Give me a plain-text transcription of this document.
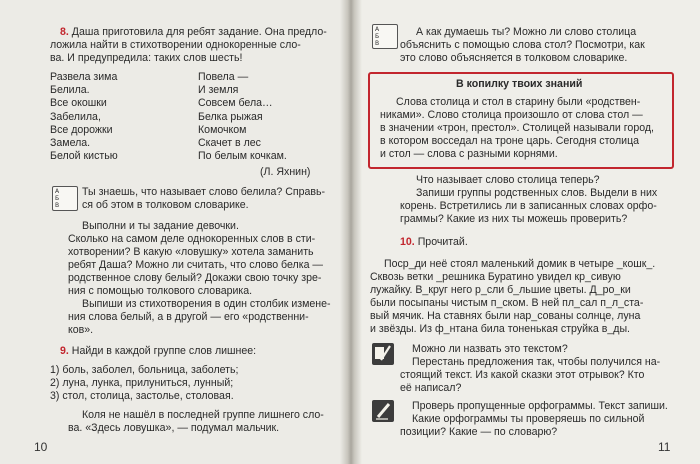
8. Даша приготовила для ребят задание. Она предло-
ложила найти в стихотворении однокоренные сло-
ва. И предупредила: таких слов шесть!
Развела зима
Белила.
Все окошки
Забелила,
Все дорожки
Замела.
Белой кистью
Повела —
И земля
Совсем бела…
Белка рыжая
Комочком
Скачет в лес
По белым кочкам.
(Л. Яхнин)
А
Б
В
Ты знаешь, что называет слово белила? Справь-
ся об этом в толковом словарике.
Выполни и ты задание девочки.
Сколько на самом деле однокоренных слов в сти-
хотворении? В какую «ловушку» хотела заманить
ребят Даша? Можно ли считать, что слово белка —
родственное слову белый? Докажи свою точку зре-
ния с помощью толкового словарика.
Выпиши из стихотворения в один столбик измене-
ния слова белый, а в другой — его «родственни-
ков».
9. Найди в каждой группе слов лишнее:
1) боль, заболел, больница, заболеть;
2) луна, лунка, прилуниться, лунный;
3) стол, столица, застолье, столовая.
Коля не нашёл в последней группе лишнего сло-
ва. «Здесь ловушка», — подумал мальчик.
10
А
Б
В
А как думаешь ты? Можно ли слово столица
объяснить с помощью слова стол? Посмотри, как
это слово объясняется в толковом словарике.
В копилку твоих знаний
Слова столица и стол в старину были «родствен-
никами». Слово столица произошло от слова стол —
в значении «трон, престол». Столицей называли город,
в котором восседал на троне царь. Сегодня столица
и стол — слова с разными корнями.
Что называет слово столица теперь?
Запиши группы родственных слов. Выдели в них
корень. Встретились ли в записанных словах орфо-
граммы? Какие из них ты можешь проверить?
10. Прочитай.
Поср_ди неё стоял маленький домик в четыре _кошк_.
Сквозь ветки _решника Буратино увидел кр_сивую
лужайку. В_круг него р_сли б_льшие цветы. Д_ро_ки
были посыпаны чистым п_ском. В ней пл_сал п_л_ста-
вый мячик. На ставнях были нар_сованы солнце, луна
и звёзды. Из ф_нтана била тоненькая струйка в_ды.
Можно ли назвать это текстом?
Перестань предложения так, чтобы получился на-
стоящий текст. Из какой сказки этот отрывок? Кто
её написал?
Проверь пропущенные орфограммы. Текст запиши.
Какие орфограммы ты проверяешь по сильной
позиции? Какие — по словарю?
11
